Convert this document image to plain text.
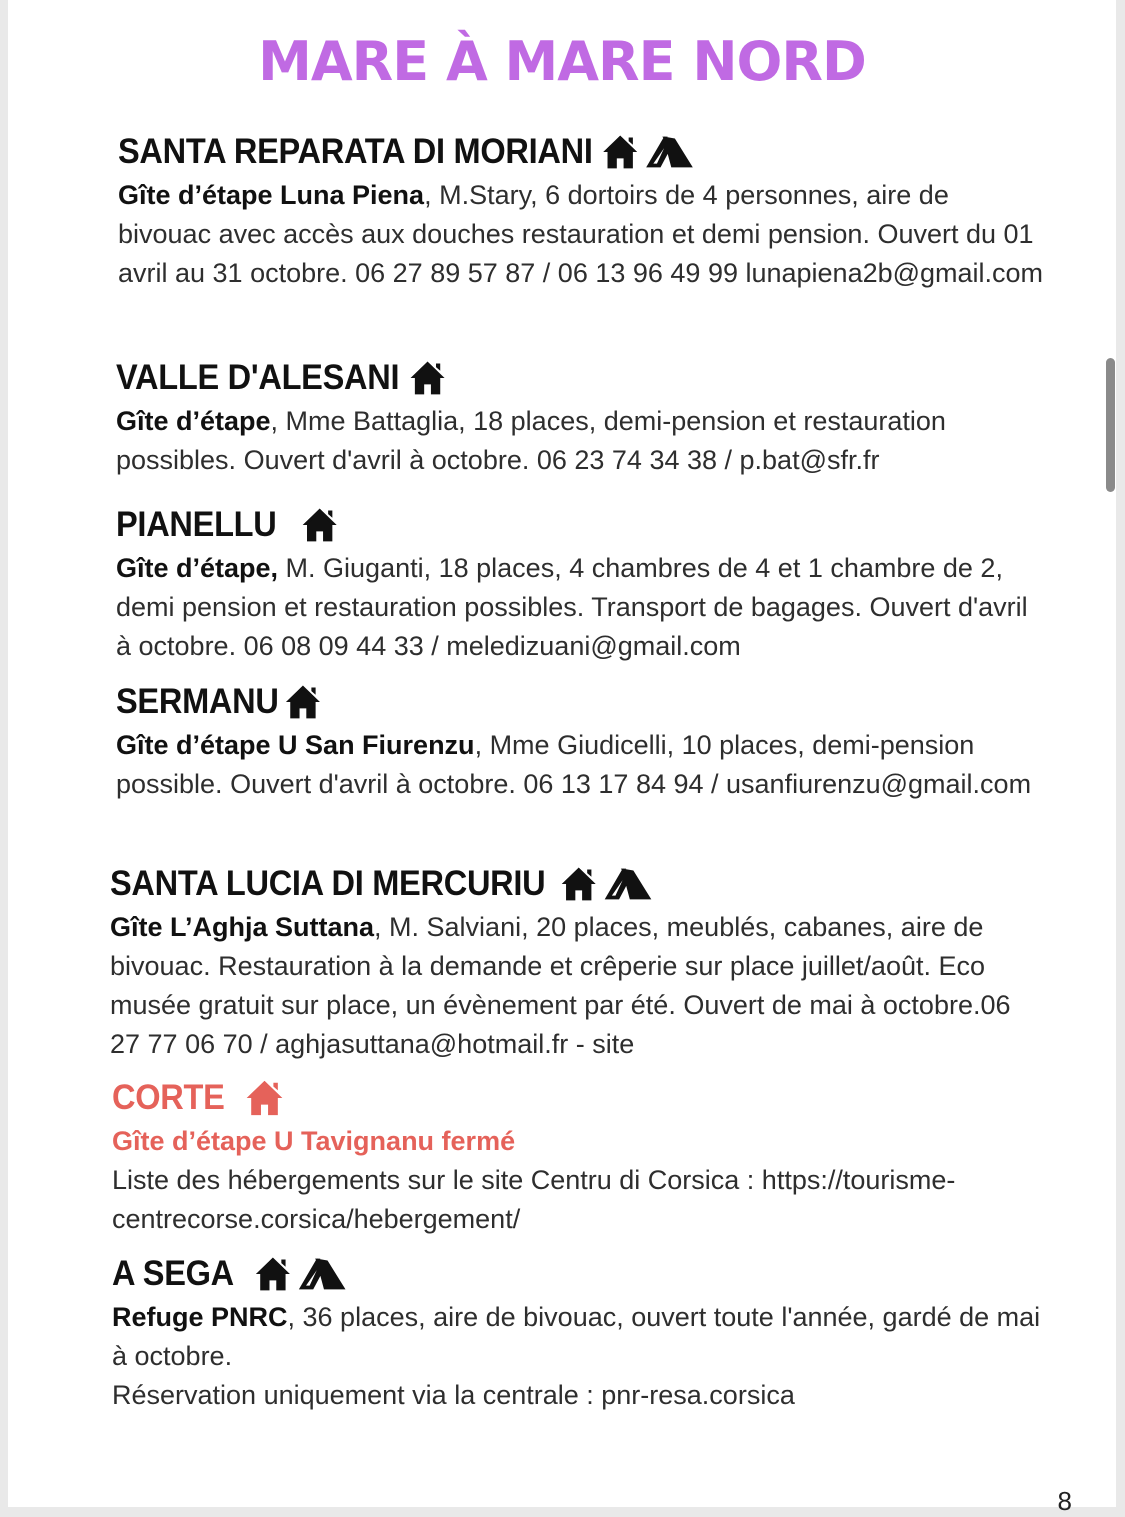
MARE À MARE NORD
SANTA REPARATA DI MORIANI
Gîte d’étape Luna Piena, M.Stary, 6 dortoirs de 4 personnes, aire de bivouac avec accès aux douches restauration et demi pension. Ouvert du 01 avril au 31 octobre. 06 27 89 57 87 / 06 13 96 49 99 lunapiena2b@gmail.com
VALLE D'ALESANI
Gîte d’étape, Mme Battaglia, 18 places, demi-pension et restauration possibles. Ouvert d'avril à octobre. 06 23 74 34 38 / p.bat@sfr.fr
PIANELLU
Gîte d’étape, M. Giuganti, 18 places, 4 chambres de 4 et 1 chambre de 2, demi pension et restauration possibles. Transport de bagages. Ouvert d'avril à octobre. 06 08 09 44 33 / meledizuani@gmail.com
SERMANU
Gîte d’étape U San Fiurenzu, Mme Giudicelli, 10 places, demi-pension possible. Ouvert d'avril à octobre. 06 13 17 84 94 / usanfiurenzu@gmail.com
SANTA LUCIA DI MERCURIU
Gîte L’Aghja Suttana, M. Salviani, 20 places, meublés, cabanes, aire de bivouac. Restauration à la demande et crêperie sur place juillet/août. Eco musée gratuit sur place, un évènement par été. Ouvert de mai à octobre.06 27 77 06 70 / aghjasuttana@hotmail.fr - site
CORTE
Gîte d’étape U Tavignanu fermé
Liste des hébergements sur le site Centru di Corsica : https://tourisme-centrecorse.corsica/hebergement/
A SEGA
Refuge PNRC, 36 places, aire de bivouac, ouvert toute l'année, gardé de mai à octobre.
Réservation uniquement via la centrale : pnr-resa.corsica
8
